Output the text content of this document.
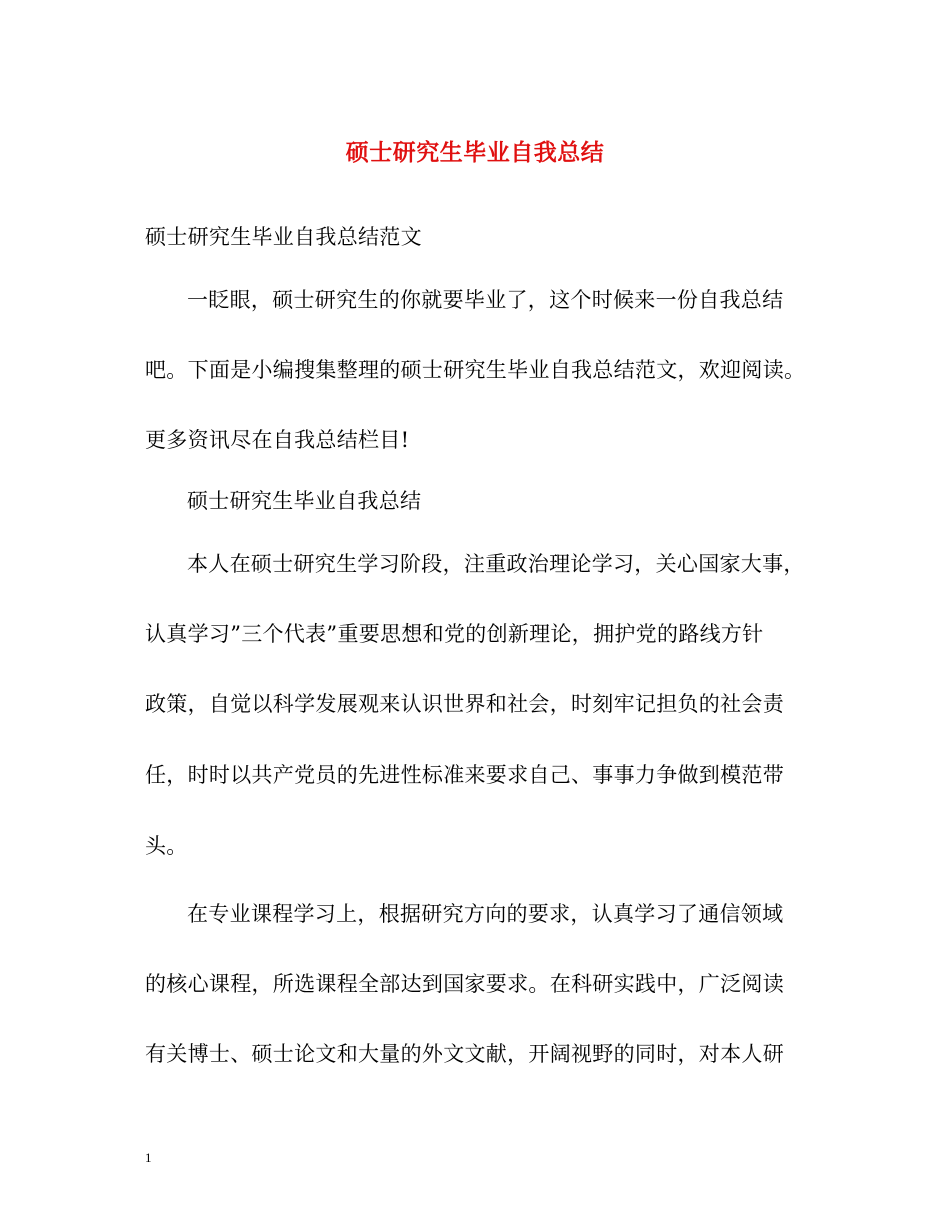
硕士研究生毕业自我总结
硕士研究生毕业自我总结范文
一眨眼，硕士研究生的你就要毕业了，这个时候来一份自我总结
吧。下面是小编搜集整理的硕士研究生毕业自我总结范文，欢迎阅读。
更多资讯尽在自我总结栏目!
硕士研究生毕业自我总结
本人在硕士研究生学习阶段，注重政治理论学习，关心国家大事，
认真学习”三个代表”重要思想和党的创新理论，拥护党的路线方针
政策，自觉以科学发展观来认识世界和社会，时刻牢记担负的社会责
任，时时以共产党员的先进性标准来要求自己、事事力争做到模范带
头。
在专业课程学习上，根据研究方向的要求，认真学习了通信领域
的核心课程，所选课程全部达到国家要求。在科研实践中，广泛阅读
有关博士、硕士论文和大量的外文文献，开阔视野的同时，对本人研
1
